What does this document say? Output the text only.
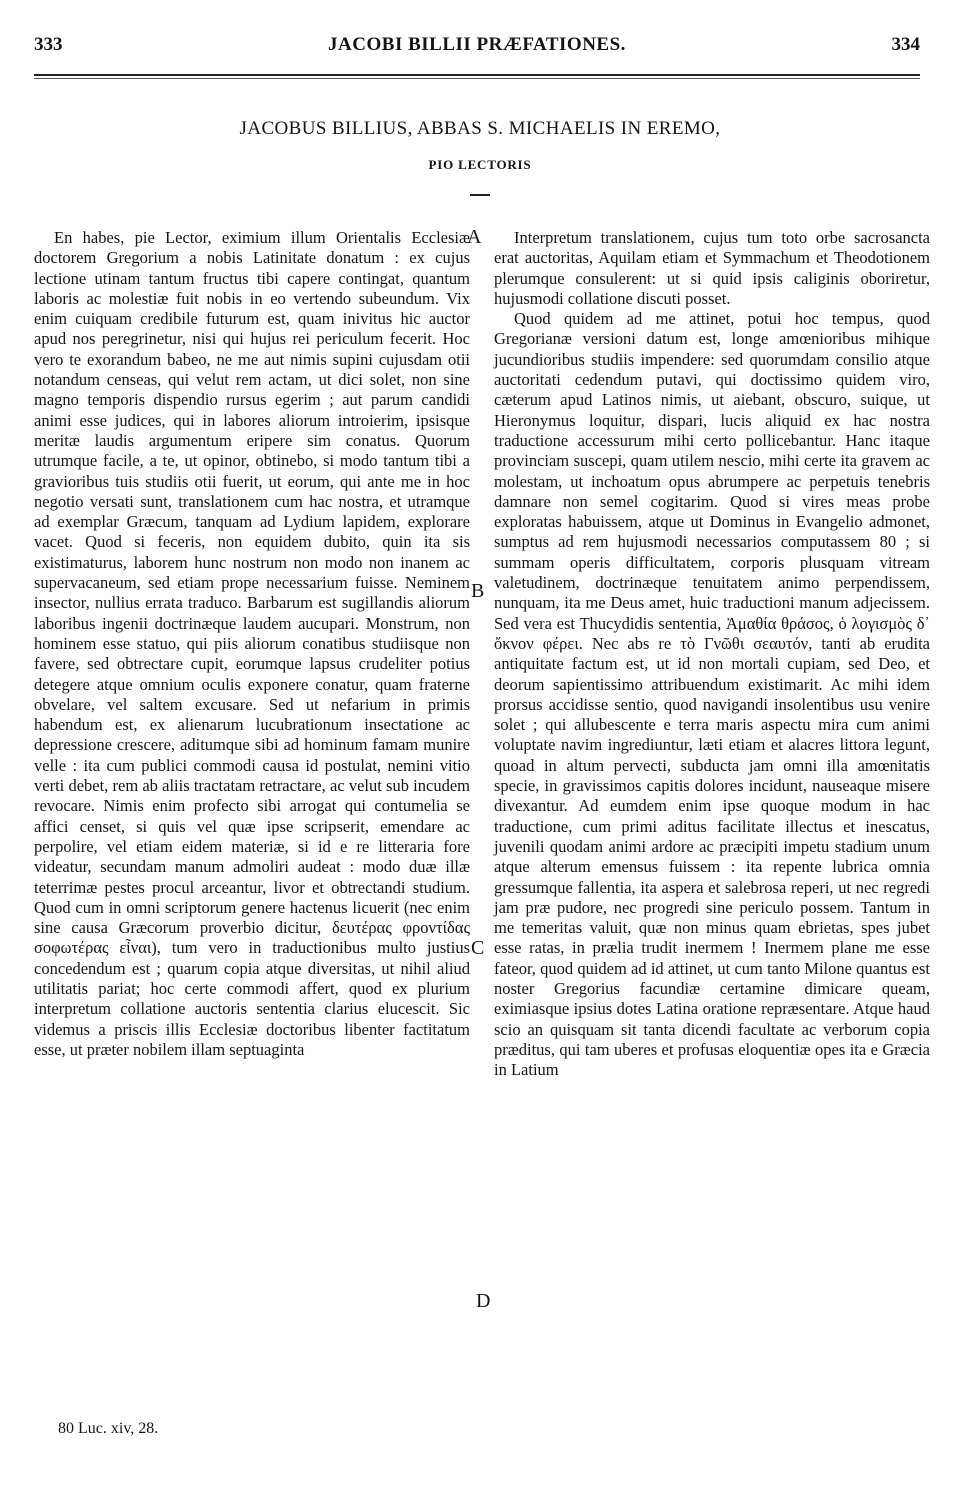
333	JACOBI BILLII PRÆFATIONES.	334
JACOBUS BILLIUS, ABBAS S. MICHAELIS IN EREMO,
PIO LECTORIS

En habes, pie Lector, eximium illum Orientalis Ecclesiæ doctorem Gregorium a nobis Latinitate donatum : ex cujus lectione utinam tantum fructus tibi capere contingat, quantum laboris ac molestiæ fuit nobis in eo vertendo subeundum. Vix enim cuiquam credibile futurum est, quam inivitus hic auctor apud nos peregrinetur, nisi qui hujus rei periculum fecerit. Hoc vero te exorandum babeo, ne me aut nimis supini cujusdam otii notandum censeas, qui velut rem actam, ut dici solet, non sine magno temporis dispendio rursus egerim ; aut parum candidi animi esse judices, qui in labores aliorum introierim, ipsisque meritæ laudis argumentum eripere sim conatus. Quorum utrumque facile, a te, ut opinor, obtinebo, si modo tantum tibi a gravioribus tuis studiis otii fuerit, ut eorum, qui ante me in hoc negotio versati sunt, translationem cum hac nostra, et utramque ad exemplar Græcum, tanquam ad Lydium lapidem, explorare vacet. Quod si feceris, non equidem dubito, quin ita sis existimaturus, laborem hunc nostrum non modo non inanem ac supervacaneum, sed etiam prope necessarium fuisse. Neminem insector, nullius errata traduco. Barbarum est sugillandis aliorum laboribus ingenii doctrinæque laudem aucupari. Monstrum, non hominem esse statuo, qui piis aliorum conatibus studiisque non favere, sed obtrectare cupit, eorumque lapsus crudeliter potius detegere atque omnium oculis exponere conatur, quam fraterne obvelare, vel saltem excusare. Sed ut nefarium in primis habendum est, ex alienarum lucubrationum insectatione ac depressione crescere, aditumque sibi ad hominum famam munire velle : ita cum publici commodi causa id postulat, nemini vitio verti debet, rem ab aliis tractatam retractare, ac velut sub incudem revocare. Nimis enim profecto sibi arrogat qui contumelia se affici censet, si quis vel quæ ipse scripserit, emendare ac perpolire, vel etiam eidem materiæ, si id e re litteraria fore videatur, secundam manum admoliri audeat : modo duæ illæ teterrimæ pestes procul arceantur, livor et obtrectandi studium. Quod cum in omni scriptorum genere hactenus licuerit (nec enim sine causa Græcorum proverbio dicitur, δευτέρας φροντίδας σοφωτέρας εἶναι), tum vero in traductionibus multo justius concedendum est ; quarum copia atque diversitas, ut nihil aliud utilitatis pariat; hoc certe commodi affert, quod ex plurium interpretum collatione auctoris sententia clarius elucescit. Sic videmus a priscis illis Ecclesiæ doctoribus libenter factitatum esse, ut præter nobilem illam septuaginta

Interpretum translationem, cujus tum toto orbe sacrosancta erat auctoritas, Aquilam etiam et Symmachum et Theodotionem plerumque consulerent: ut si quid ipsis caliginis oboriretur, hujusmodi collatione discuti posset.

Quod quidem ad me attinet, potui hoc tempus, quod Gregorianæ versioni datum est, longe amœnioribus mihique jucundioribus studiis impendere: sed quorumdam consilio atque auctoritati cedendum putavi, qui doctissimo quidem viro, cæterum apud Latinos nimis, ut aiebant, obscuro, suique, ut Hieronymus loquitur, dispari, lucis aliquid ex hac nostra traductione accessurum mihi certo pollicebantur. Hanc itaque provinciam suscepi, quam utilem nescio, mihi certe ita gravem ac molestam, ut inchoatum opus abrumpere ac perpetuis tenebris damnare non semel cogitarim. Quod si vires meas probe exploratas habuissem, atque ut Dominus in Evangelio admonet, sumptus ad rem hujusmodi necessarios computassem 80 ; si summam operis difficultatem, corporis plusquam vitream valetudinem, doctrinæque tenuitatem animo perpendissem, nunquam, ita me Deus amet, huic traductioni manum adjecissem. Sed vera est Thucydidis sententia, Ἀμαθία θράσος, ὁ λογισμὸς δ᾽ ὄκνον φέρει. Nec abs re τὸ Γνῶθι σεαυτόν, tanti ab erudita antiquitate factum est, ut id non mortali cupiam, sed Deo, et deorum sapientissimo attribuendum existimarit. Ac mihi idem prorsus accidisse sentio, quod navigandi insolentibus usu venire solet ; qui allubescente e terra maris aspectu mira cum animi voluptate navim ingrediuntur, læti etiam et alacres littora legunt, quoad in altum pervecti, subducta jam omni illa amœnitatis specie, in gravissimos capitis dolores incidunt, nauseaque misere divexantur. Ad eumdem enim ipse quoque modum in hac traductione, cum primi aditus facilitate illectus et inescatus, juvenili quodam animi ardore ac præcipiti impetu stadium unum atque alterum emensus fuissem : ita repente lubrica omnia gressumque fallentia, ita aspera et salebrosa reperi, ut nec regredi jam præ pudore, nec progredi sine periculo possem. Tantum in me temeritas valuit, quæ non minus quam ebrietas, spes jubet esse ratas, in prælia trudit inermem ! Inermem plane me esse fateor, quod quidem ad id attinet, ut cum tanto Milone quantus est noster Gregorius facundiæ certamine dimicare queam, eximiasque ipsius dotes Latina oratione repræsentare. Atque haud scio an quisquam sit tanta dicendi facultate ac verborum copia præditus, qui tam uberes et profusas eloquentiæ opes ita e Græcia in Latium

A
B
C
D
80 Luc. xiv, 28.
